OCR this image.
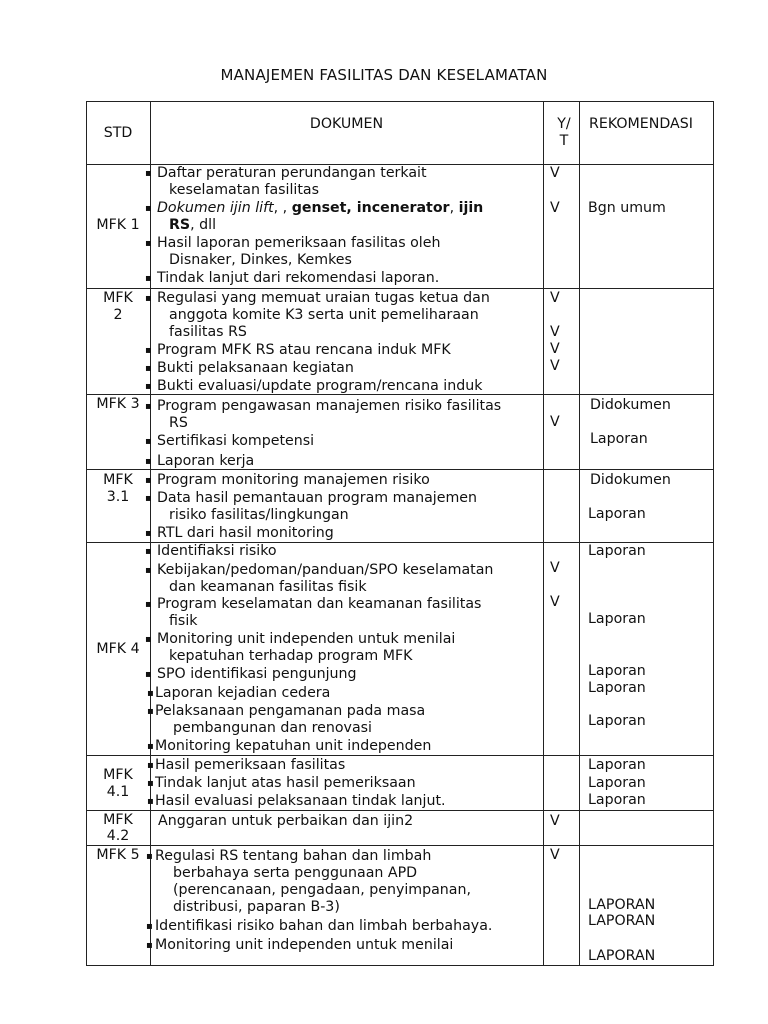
MANAJEMEN FASILITAS DAN KESELAMATAN
STD
DOKUMEN	Y/
T
REKOMENDASI
MFK 1
▪ Daftar peraturan perundangan terkait
keselamatan fasilitas
▪ Dokumen ijin lift, , genset, incenerator, ijin
RS, dll
▪ Hasil laporan pemeriksaan fasilitas oleh
Disnaker, Dinkes, Kemkes
▪ Tindak lanjut dari rekomendasi laporan.
V
V Bgn umum
MFK
2
▪ Regulasi yang memuat uraian tugas ketua dan
anggota komite K3 serta unit pemeliharaan
fasilitas RS
▪ Program MFK RS atau rencana induk MFK
▪ Bukti pelaksanaan kegiatan
▪ Bukti evaluasi/update program/rencana induk
V
V
V
V
MFK 3 ▪ Program pengawasan manajemen risiko fasilitas
RS
▪ Sertifikasi kompetensi
▪ Laporan kerja
V
Didokumen
Laporan
MFK
3.1
▪ Program monitoring manajemen risiko
▪ Data hasil pemantauan program manajemen
risiko fasilitas/lingkungan
▪ RTL dari hasil monitoring
Didokumen
Laporan
MFK 4
▪ Identifiaksi risiko
▪ Kebijakan/pedoman/panduan/SPO keselamatan
dan keamanan fasilitas fisik
▪ Program keselamatan dan keamanan fasilitas
fisik
▪ Monitoring unit independen untuk menilai
kepatuhan terhadap program MFK
▪ SPO identifikasi pengunjung
▪ Laporan kejadian cedera
▪ Pelaksanaan pengamanan pada masa
pembangunan dan renovasi
▪ Monitoring kepatuhan unit independen
V
V
Laporan
Laporan
Laporan
Laporan
Laporan
MFK
4.1
▪ Hasil pemeriksaan fasilitas
▪ Tindak lanjut atas hasil pemeriksaan
▪ Hasil evaluasi pelaksanaan tindak lanjut.
Laporan
Laporan
Laporan
MFK
4.2
Anggaran untuk perbaikan dan ijin2	V
MFK 5 ▪ Regulasi RS tentang bahan dan limbah
berbahaya serta penggunaan APD
(perencanaan, pengadaan, penyimpanan,
distribusi, paparan B-3)
▪ Identifikasi risiko bahan dan limbah berbahaya.
▪ Monitoring unit independen untuk menilai
V
LAPORAN
LAPORAN
LAPORAN
